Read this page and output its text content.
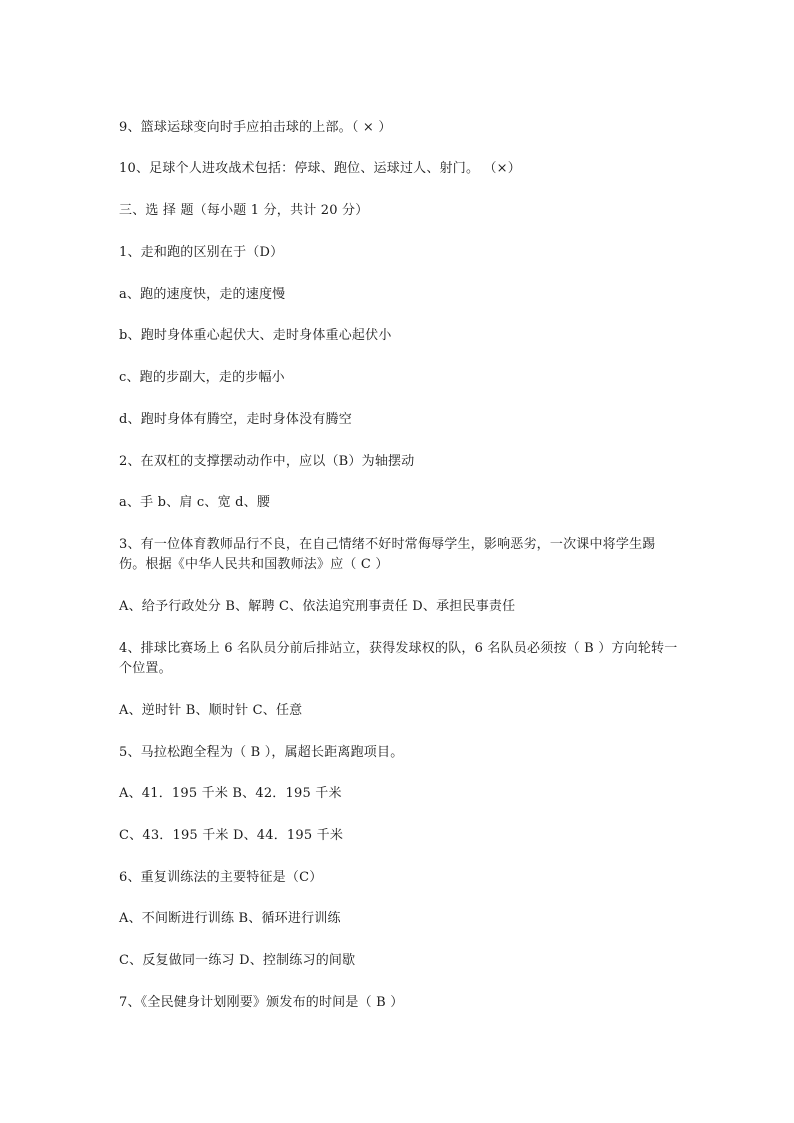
9、篮球运球变向时手应拍击球的上部。（ × ）
10、足球个人进攻战术包括：停球、跑位、运球过人、射门。 （×）
三、选 择 题（每小题 1 分，共计 20 分）
1、走和跑的区别在于（D）
a、跑的速度快，走的速度慢
b、跑时身体重心起伏大、走时身体重心起伏小
c、跑的步副大，走的步幅小
d、跑时身体有腾空，走时身体没有腾空
2、在双杠的支撑摆动动作中，应以（B）为轴摆动
a、手 b、肩 c、宽 d、腰
3、有一位体育教师品行不良，在自己情绪不好时常侮辱学生，影响恶劣，一次课中将学生踢伤。根据《中华人民共和国教师法》应（ C ）
A、给予行政处分 B、解聘 C、依法追究刑事责任 D、承担民事责任
4、排球比赛场上 6 名队员分前后排站立，获得发球权的队，6 名队员必须按（ B ）方向轮转一个位置。
A、逆时针 B、顺时针 C、任意
5、马拉松跑全程为（ B ），属超长距离跑项目。
A、41．195 千米 B、42．195 千米
C、43．195 千米 D、44．195 千米
6、重复训练法的主要特征是（C）
A、不间断进行训练 B、循环进行训练
C、反复做同一练习 D、控制练习的间歇
7、《全民健身计划刚要》颁发布的时间是（ B ）
